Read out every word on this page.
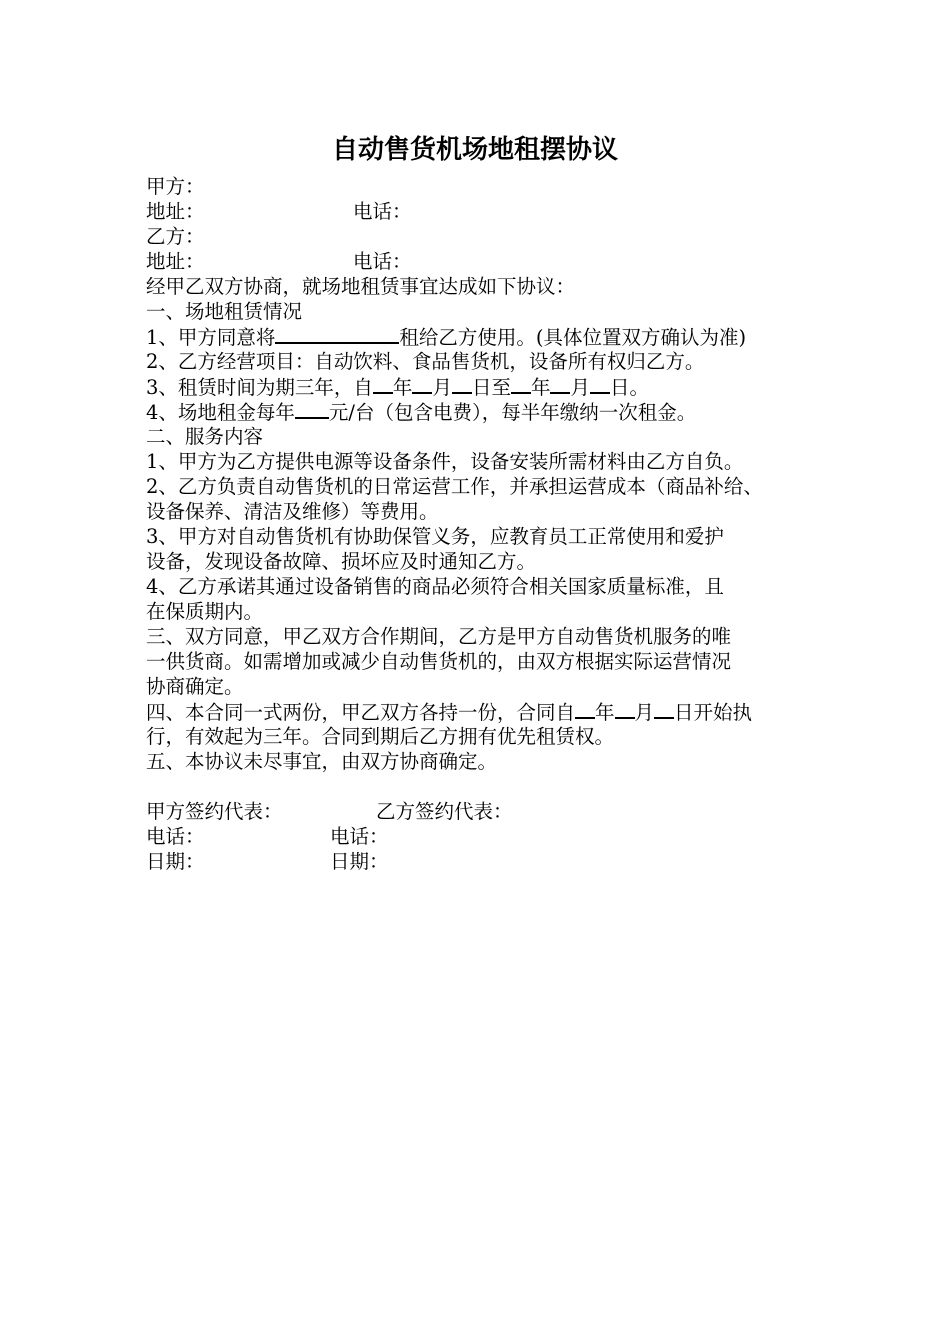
自动售货机场地租摆协议
甲方：
地址：	电话：
乙方：
地址：	电话：
经甲乙双方协商，就场地租赁事宜达成如下协议：
一、场地租赁情况
1、甲方同意将	租给乙方使用。(具体位置双方确认为准)
2、乙方经营项目：自动饮料、食品售货机，设备所有权归乙方。
3、租赁时间为期三年，自 年 月 日至 年 月 日。
4、场地租金每年 元/台（包含电费），每半年缴纳一次租金。
二、服务内容
1、甲方为乙方提供电源等设备条件，设备安装所需材料由乙方自负。
2、乙方负责自动售货机的日常运营工作，并承担运营成本（商品补给、
设备保养、清洁及维修）等费用。
3、甲方对自动售货机有协助保管义务，应教育员工正常使用和爱护
设备，发现设备故障、损坏应及时通知乙方。
4、乙方承诺其通过设备销售的商品必须符合相关国家质量标准，且
在保质期内。
三、双方同意，甲乙双方合作期间，乙方是甲方自动售货机服务的唯
一供货商。如需增加或减少自动售货机的，由双方根据实际运营情况
协商确定。
四、本合同一式两份，甲乙双方各持一份，合同自 年 月 日开始执
行，有效起为三年。合同到期后乙方拥有优先租赁权。
五、本协议未尽事宜，由双方协商确定。
甲方签约代表：	乙方签约代表：
电话：	电话：
日期：	日期：
